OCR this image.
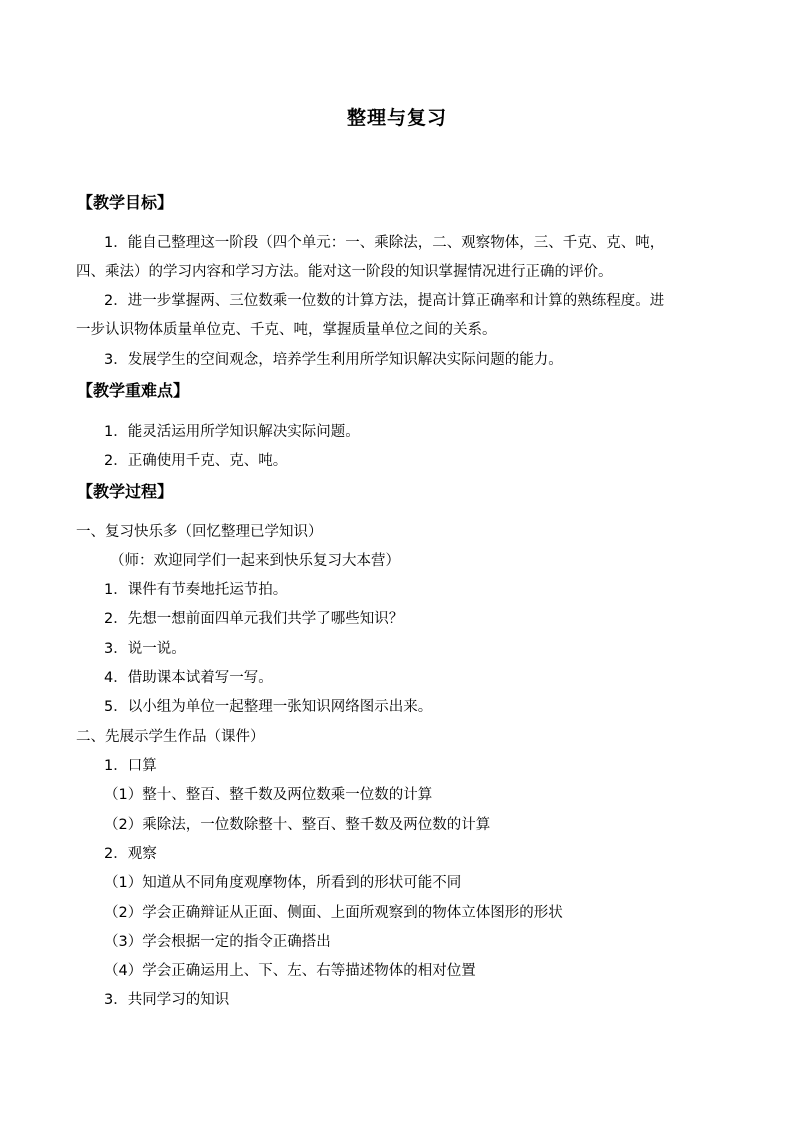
整理与复习
【教学目标】
1．能自己整理这一阶段（四个单元：一、乘除法，二、观察物体，三、千克、克、吨，
四、乘法）的学习内容和学习方法。能对这一阶段的知识掌握情况进行正确的评价。
2．进一步掌握两、三位数乘一位数的计算方法，提高计算正确率和计算的熟练程度。进
一步认识物体质量单位克、千克、吨，掌握质量单位之间的关系。
3．发展学生的空间观念，培养学生利用所学知识解决实际问题的能力。
【教学重难点】
1．能灵活运用所学知识解决实际问题。
2．正确使用千克、克、吨。
【教学过程】
一、复习快乐多（回忆整理已学知识）
（师：欢迎同学们一起来到快乐复习大本营）
1．课件有节奏地托运节拍。
2．先想一想前面四单元我们共学了哪些知识？
3．说一说。
4．借助课本试着写一写。
5．以小组为单位一起整理一张知识网络图示出来。
二、先展示学生作品（课件）
1．口算
（1）整十、整百、整千数及两位数乘一位数的计算
（2）乘除法，一位数除整十、整百、整千数及两位数的计算
2．观察
（1）知道从不同角度观摩物体，所看到的形状可能不同
（2）学会正确辩证从正面、侧面、上面所观察到的物体立体图形的形状
（3）学会根据一定的指令正确搭出
（4）学会正确运用上、下、左、右等描述物体的相对位置
3．共同学习的知识
